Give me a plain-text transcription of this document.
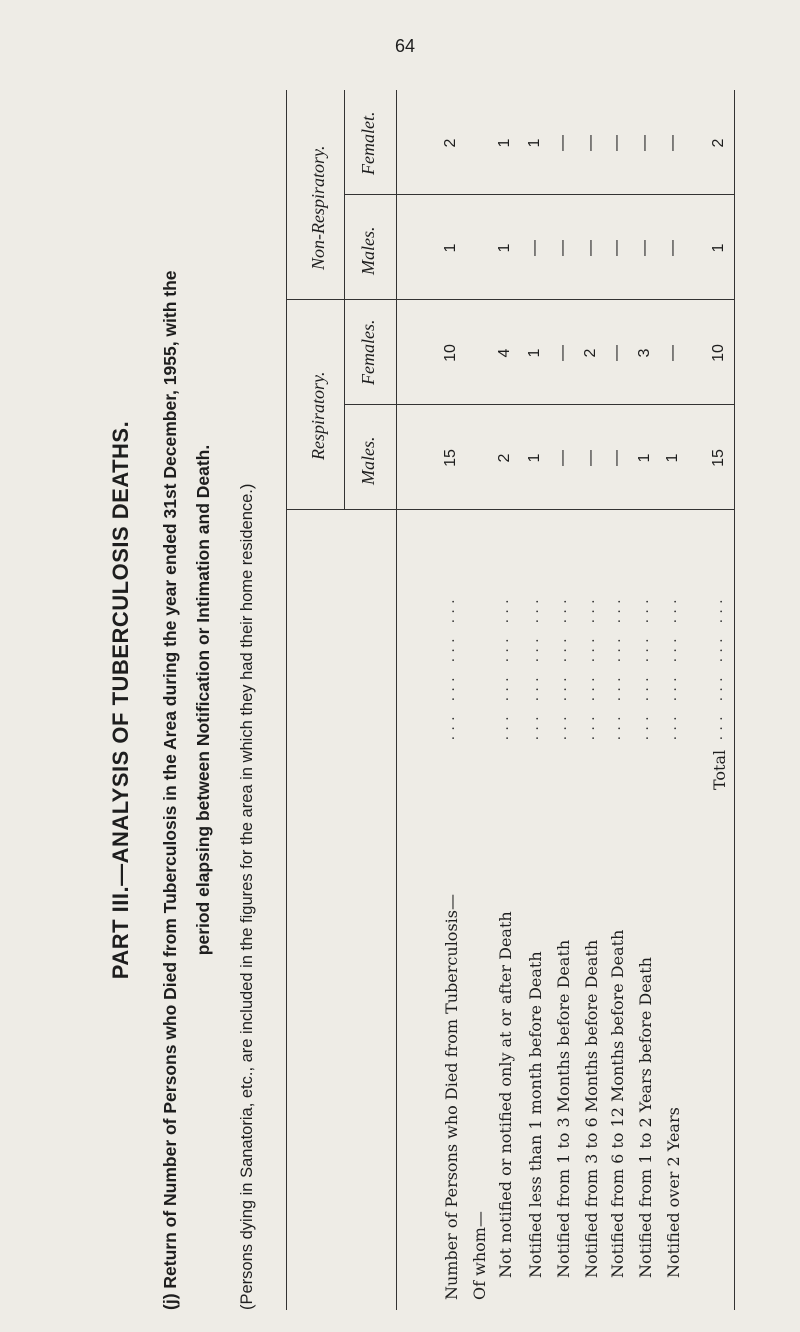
64
PART III.—ANALYSIS OF TUBERCULOSIS DEATHS. (j) Return of Number of Persons who Died from Tuberculosis in the Area during the year ended 31st December, 1955, with the period elapsing between Notification or Intimation and Death. (Persons dying in Sanatoria, etc., are included in the figures for the area in which they had their home residence.)
Respiratory.
Non-Respiratory.
Males.
Females.
Males.
Femalet.
Number of Persons who Died from Tuberculosis—
... ... ... ...
15
10
1
2
Of whom— Not notified or notified only at or after Death
... ... ... ...
2
4
1
1
Notified less than 1 month before Death
... ... ... ...
1
1
—
1
Notified from 1 to 3 Months before Death
... ... ... ...
—
—
—
—
Notified from 3 to 6 Months before Death
... ... ... ...
—
2
—
—
Notified from 6 to 12 Months before Death
... ... ... ...
—
—
—
—
Notified from 1 to 2 Years before Death
... ... ... ...
1
3
—
—
Notified over 2 Years
... ... ... ...
1
—
—
—
Total
... ... ... ...
15
10
1
2
